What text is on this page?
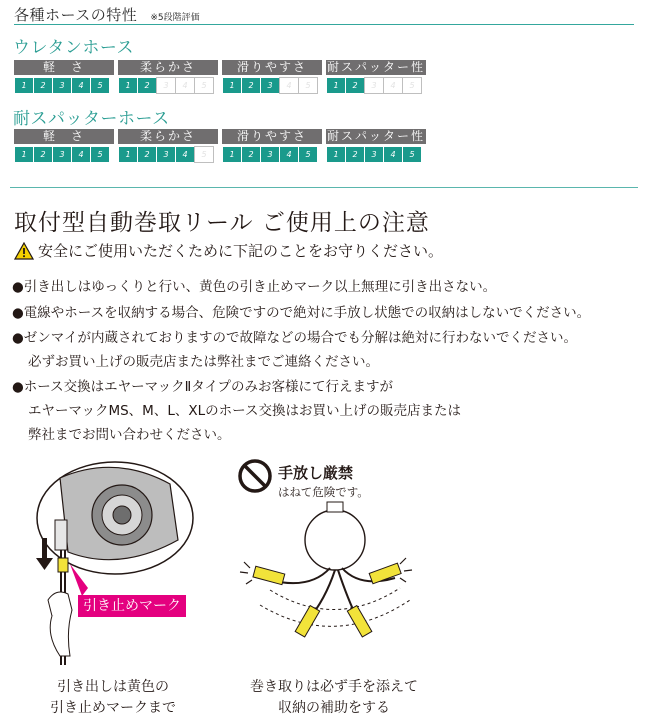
各種ホースの特性 ※5段階評価
ウレタンホース
軽　さ
1	2	3	4	5
柔らかさ
1	2	3	4	5
滑りやすさ
1	2	3	4	5
耐スパッター性
1	2	3	4	5
耐スパッターホース
軽　さ
1	2	3	4	5
柔らかさ
1	2	3	4	5
滑りやすさ
1	2	3	4	5
耐スパッター性
1	2	3	4	5
取付型自動巻取リール ご使用上の注意
安全にご使用いただくために下記のことをお守りください。
●引き出しはゆっくりと行い、黄色の引き止めマーク以上無理に引き出さない。
●電線やホースを収納する場合、危険ですので絶対に手放し状態での収納はしないでください。
●ゼンマイが内蔵されておりますので故障などの場合でも分解は絶対に行わないでください。
必ずお買い上げの販売店または弊社までご連絡ください。
●ホース交換はエヤーマックⅡタイプのみお客様にて行えますが
エヤーマックMS、M、L、XLのホース交換はお買い上げの販売店または
弊社までお問い合わせください。
引き止めマーク
引き出しは黄色の
引き止めマークまで
手放し厳禁
はねて危険です。
巻き取りは必ず手を添えて
収納の補助をする
